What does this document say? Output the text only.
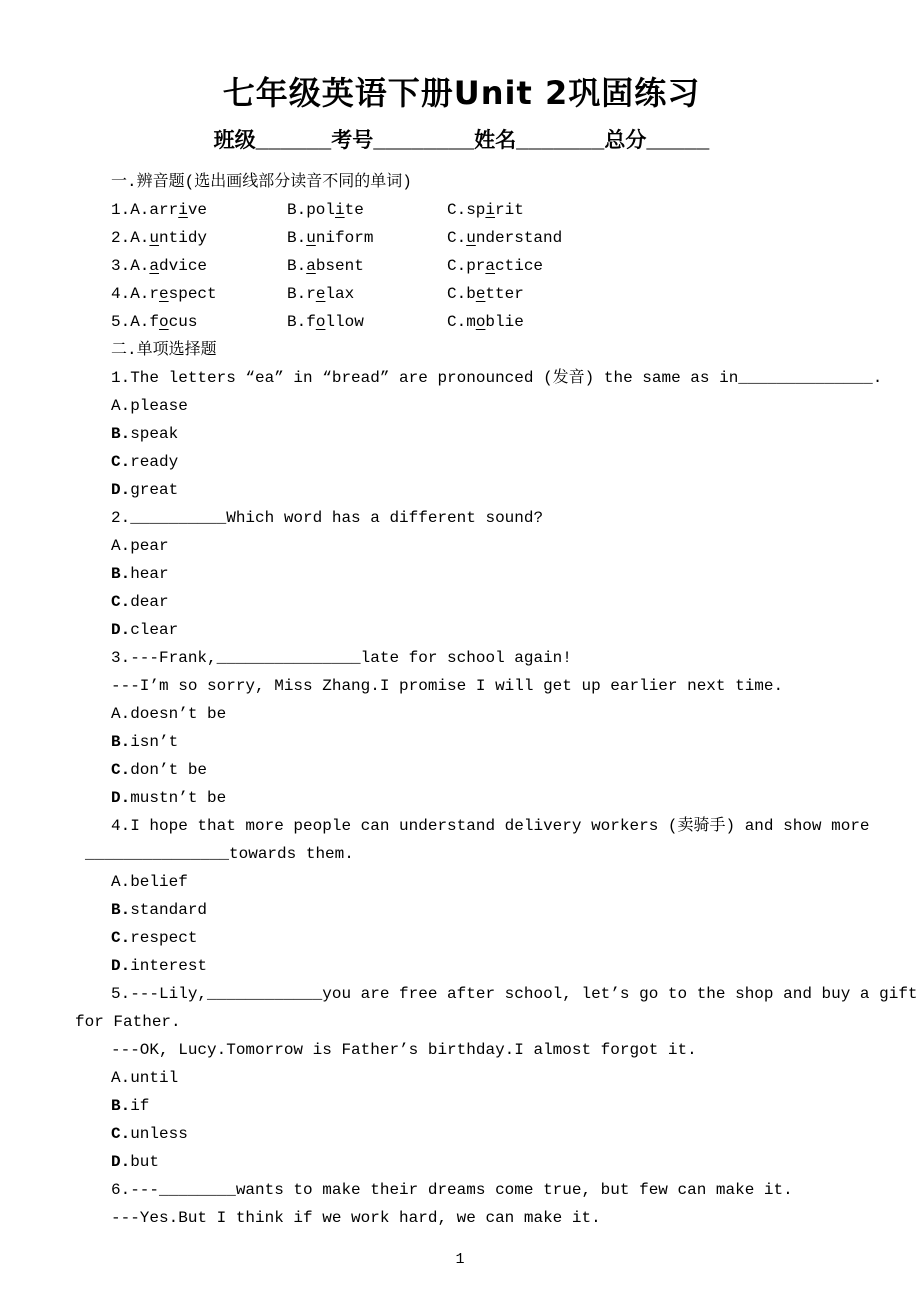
七年级英语下册Unit 2巩固练习
班级______考号________姓名_______总分_____
一.辨音题(选出画线部分读音不同的单词)
1.A.arrive	B.polite	C.spirit
2.A.untidy	B.uniform	C.understand
3.A.advice	B.absent	C.practice
4.A.respect	B.relax	C.better
5.A.focus	B.follow	C.moblie
二.单项选择题
1.The letters “ea” in “bread” are pronounced (发音) the same as in______________.
A.please
B.speak
C.ready
D.great
2.__________Which word has a different sound?
A.pear
B.hear
C.dear
D.clear
3.---Frank,_______________late for school again!
---I’m so sorry, Miss Zhang.I promise I will get up earlier next time.
A.doesn’t be
B.isn’t
C.don’t be
D.mustn’t be
4.I hope that more people can understand delivery workers (卖骑手) and show more
_______________towards them.
A.belief
B.standard
C.respect
D.interest
5.---Lily,____________you are free after school, let’s go to the shop and buy a gift
for Father.
---OK, Lucy.Tomorrow is Father’s birthday.I almost forgot it.
A.until
B.if
C.unless
D.but
6.---________wants to make their dreams come true, but few can make it.
---Yes.But I think if we work hard, we can make it.
1
